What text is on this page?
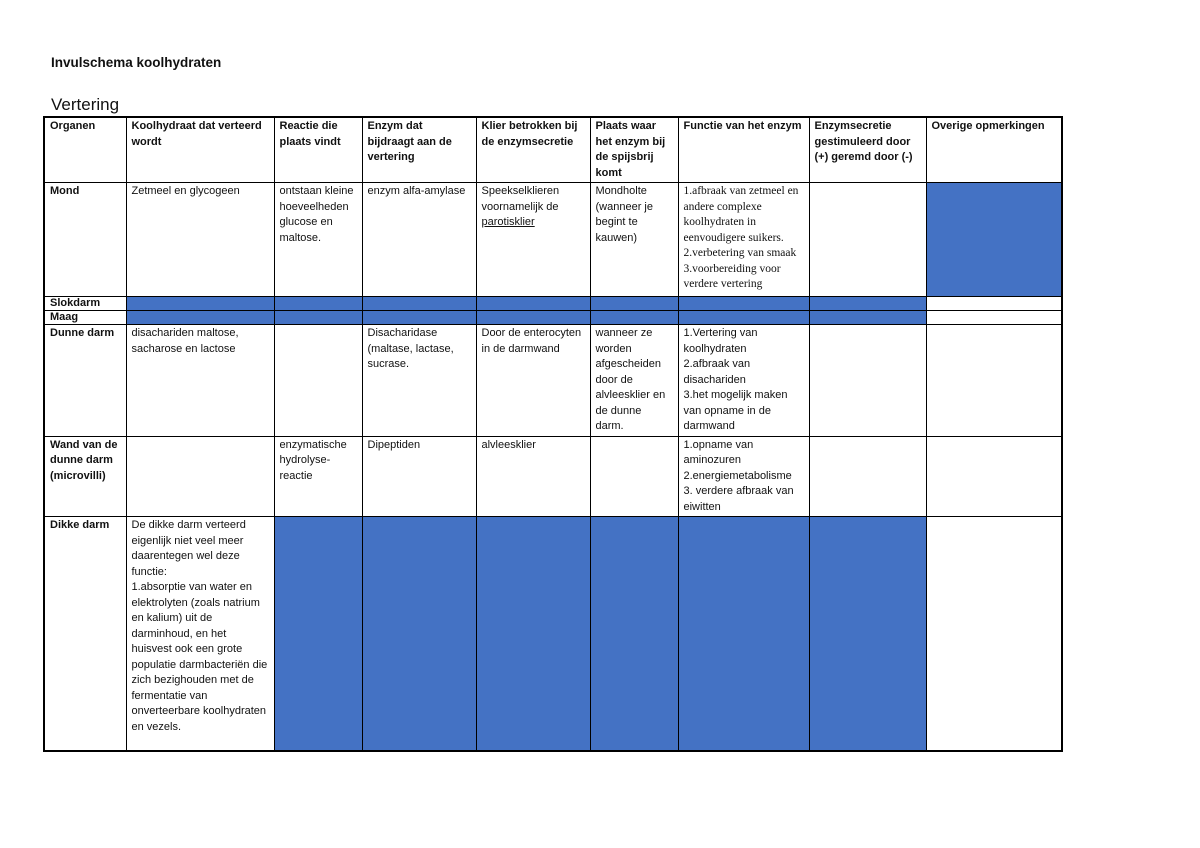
Invulschema koolhydraten
Vertering
Organen	Koolhydraat dat verteerd wordt	Reactie die plaats vindt	Enzym dat bijdraagt aan de vertering	Klier betrokken bij de enzymsecretie	Plaats waar het enzym bij de spijsbrij komt	Functie van het enzym	Enzymsecretie gestimuleerd door (+) geremd door (-)	Overige opmerkingen
Mond	Zetmeel en glycogeen	ontstaan kleine hoeveelheden glucose en maltose.	enzym alfa-amylase	Speekselklieren voornamelijk de parotisklier	Mondholte (wanneer je begint te kauwen)	1.afbraak van zetmeel en andere complexe koolhydraten in eenvoudigere suikers.
2.verbetering van smaak
3.voorbereiding voor verdere vertering		

Slokdarm								
Maag								
Dunne darm	disachariden maltose, sacharose en lactose		Disacharidase (maltase, lactase, sucrase.	Door de enterocyten in de darmwand	wanneer ze worden afgescheiden door de alvleesklier en de dunne darm.	1.Vertering van koolhydraten
2.afbraak van disachariden
3.het mogelijk maken van opname in de darmwand		

Wand van de dunne darm (microvilli)		enzymatische hydrolyse-reactie	Dipeptiden	alvleesklier		1.opname van aminozuren
2.energiemetabolisme
3. verdere afbraak van eiwitten		

Dikke darm	De dikke darm verteerd eigenlijk niet veel meer daarentegen wel deze functie:
1.absorptie van water en elektrolyten (zoals natrium en kalium) uit de darminhoud, en het huisvest ook een grote populatie darmbacteriën die zich bezighouden met de fermentatie van onverteerbare koolhydraten en vezels.							
